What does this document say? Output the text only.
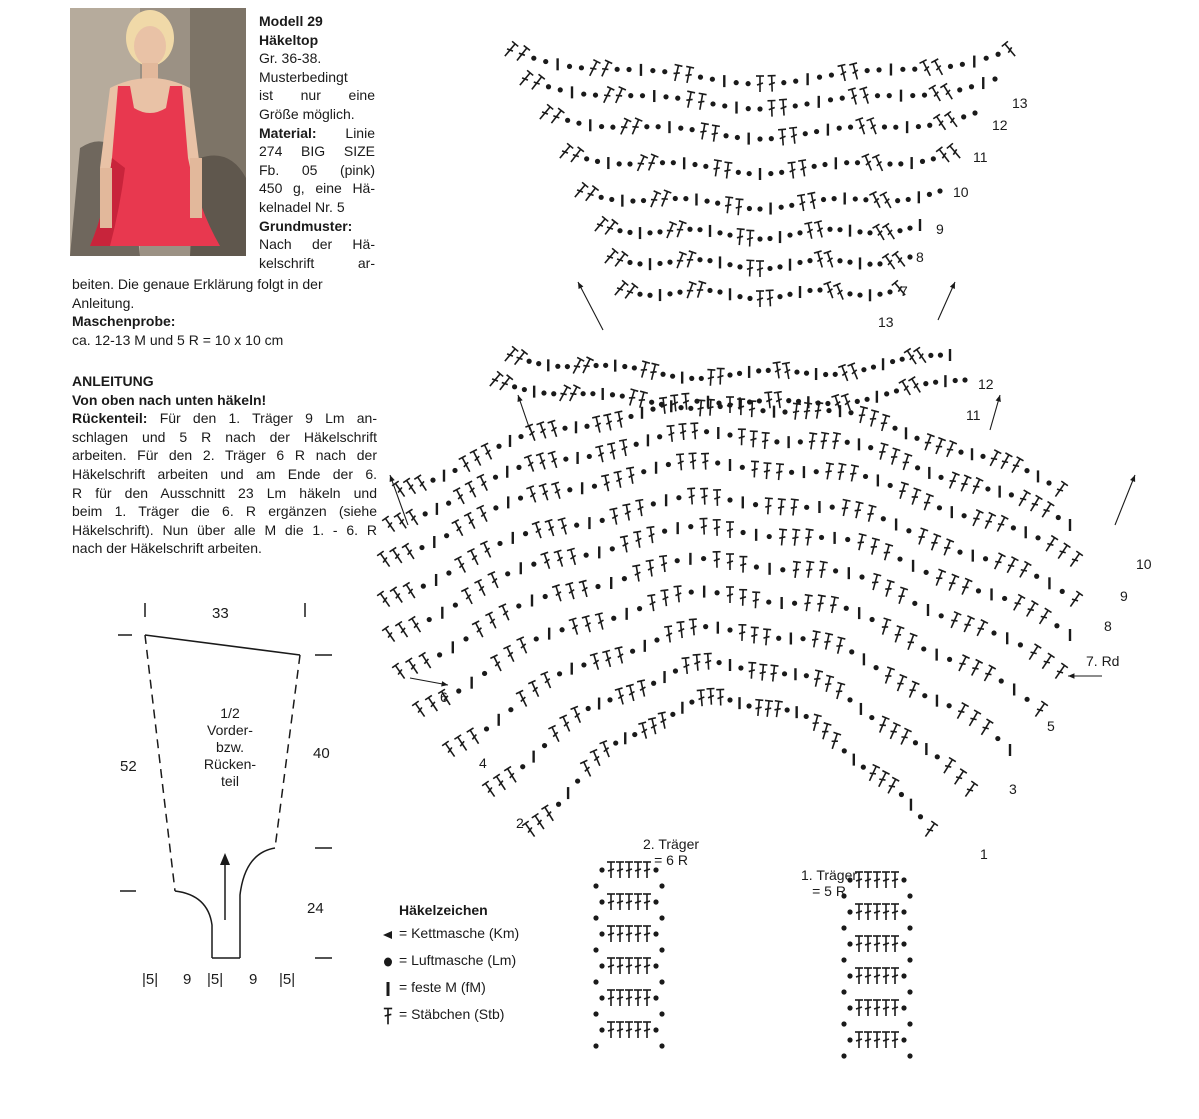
Modell 29
Häkeltop
Gr. 36-38.
Musterbedingt
ist nur eine
Größe möglich.
Material: Linie
274 BIG SIZE
Fb. 05 (pink)
450 g, eine Hä-
kelnadel Nr. 5
Grundmuster:
Nach der Hä-
kelschrift ar-
beiten. Die genaue Erklärung folgt in der
Anleitung.
Maschenprobe:
ca. 12-13 M und 5 R = 10 x 10 cm
ANLEITUNG
Von oben nach unten häkeln!
Rückenteil: Für den 1. Träger 9 Lm an-
schlagen und 5 R nach der Häkelschrift
arbeiten. Für den 2. Träger 6 R nach der
Häkelschrift arbeiten und am Ende der 6.
R für den Ausschnitt 23 Lm häkeln und
beim 1. Träger die 6. R ergänzen (siehe
Häkelschrift). Nun über alle M die 1. - 6. R
nach der Häkelschrift arbeiten.
33
52
40
24
1/2
Vorder-
bzw.
Rücken-
teil
|5| 9 |5| 9 |5|
Häkelzeichen
= Kettmasche (Km)
= Luftmasche (Lm)
= feste M (fM)
= Stäbchen (Stb)
13
12
11
10
9
8
7
13
12
11
10
9
8
7. Rd
5
3
1
6
4
2
2. Träger
= 6 R
1. Träger
= 5 R
